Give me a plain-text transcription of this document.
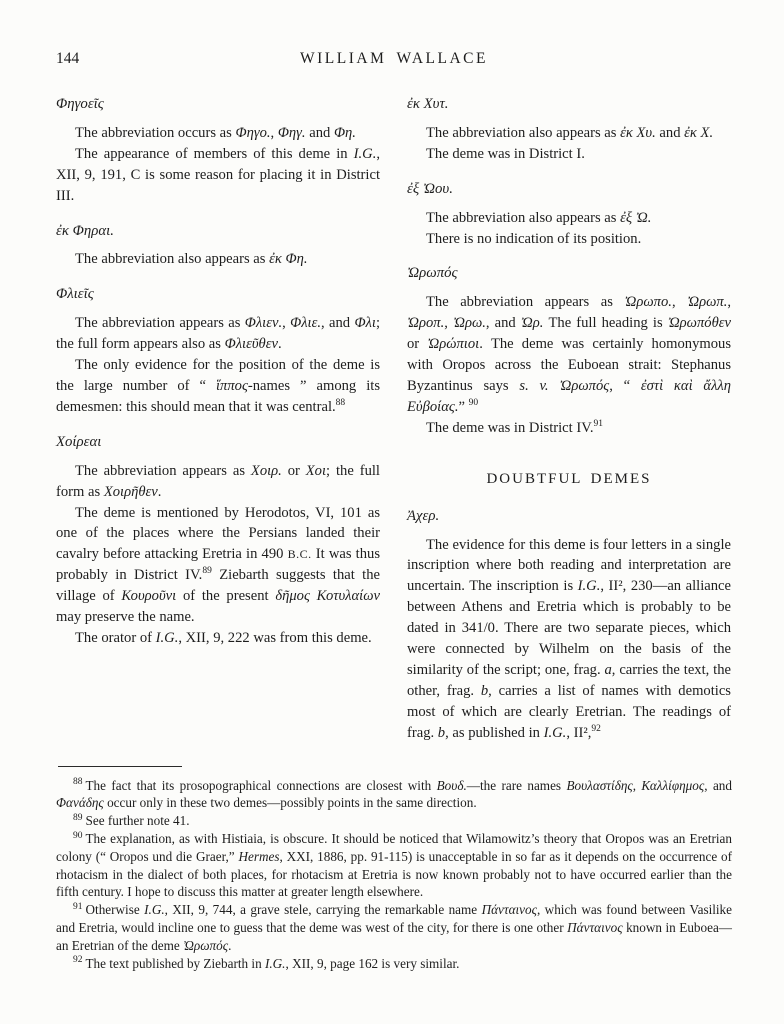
144	WILLIAM WALLACE
Φηγοεῖς

The abbreviation occurs as Φηγο., Φηγ. and Φη.

The appearance of members of this deme in I.G., XII, 9, 191, C is some reason for placing it in District III.

ἐκ Φηραι.

The abbreviation also appears as ἐκ Φη.

Φλιεῖς

The abbreviation appears as Φλιεν., Φλιε., and Φλι; the full form appears also as Φλιεῦθεν.

The only evidence for the position of the deme is the large number of “ ἵππος-names ” among its demesmen: this should mean that it was central.$^{88}$

Χοίρεαι

The abbreviation appears as Χοιρ. or Χοι; the full form as Χοιρῆθεν.

The deme is mentioned by Herodotos, VI, 101 as one of the places where the Persians landed their cavalry before attacking Eretria in 490 B.C. It was thus probably in District IV.$^{89}$ Ziebarth suggests that the village of Κουροῦνι of the present δῆμος Κοτυλαίων may preserve the name.

The orator of I.G., XII, 9, 222 was from this deme.

ἐκ Χυτ.

The abbreviation also appears as ἐκ Χυ. and ἐκ Χ.

The deme was in District I.

ἐξ Ὠου.

The abbreviation also appears as ἐξ Ὠ.

There is no indication of its position.

Ὠρωπός

The abbreviation appears as Ὠρωπο., Ὠρωπ., Ὠροπ., Ὠρω., and Ὠρ. The full heading is Ὠρωπόθεν or Ὠρώπιοι. The deme was certainly homonymous with Oropos across the Euboean strait: Stephanus Byzantinus says s. v. Ὠρωπός, “ ἐστὶ καὶ ἄλλη Εὐβοίας.” $^{90}$

The deme was in District IV.$^{91}$

DOUBTFUL DEMES
Ἀχερ.

The evidence for this deme is four letters in a single inscription where both reading and interpretation are uncertain. The inscription is I.G., II², 230—an alliance between Athens and Eretria which is probably to be dated in 341/0. There are two separate pieces, which were connected by Wilhelm on the basis of the similarity of the script; one, frag. a, carries the text, the other, frag. b, carries a list of names with demotics most of which are clearly Eretrian. The readings of frag. b, as published in I.G., II²,$^{92}$

$^{88}$ The fact that its prosopographical connections are closest with Βουδ.—the rare names Βουλαστίδης, Καλλίφημος, and Φανάδης occur only in these two demes—possibly points in the same direction.

$^{89}$ See further note 41.

$^{90}$ The explanation, as with Histiaia, is obscure. It should be noticed that Wilamowitz’s theory that Oropos was an Eretrian colony (“ Oropos und die Graer,” Hermes, XXI, 1886, pp. 91-115) is unacceptable in so far as it depends on the occurrence of rhotacism in the dialect of both places, for rhotacism at Eretria is now known probably not to have occurred earlier than the fifth century. I hope to discuss this matter at greater length elsewhere.

$^{91}$ Otherwise I.G., XII, 9, 744, a grave stele, carrying the remarkable name Πάνταινος, which was found between Vasilike and Eretria, would incline one to guess that the deme was west of the city, for there is one other Πάνταινος known in Euboea—an Eretrian of the deme Ὠρωπός.

$^{92}$ The text published by Ziebarth in I.G., XII, 9, page 162 is very similar.
